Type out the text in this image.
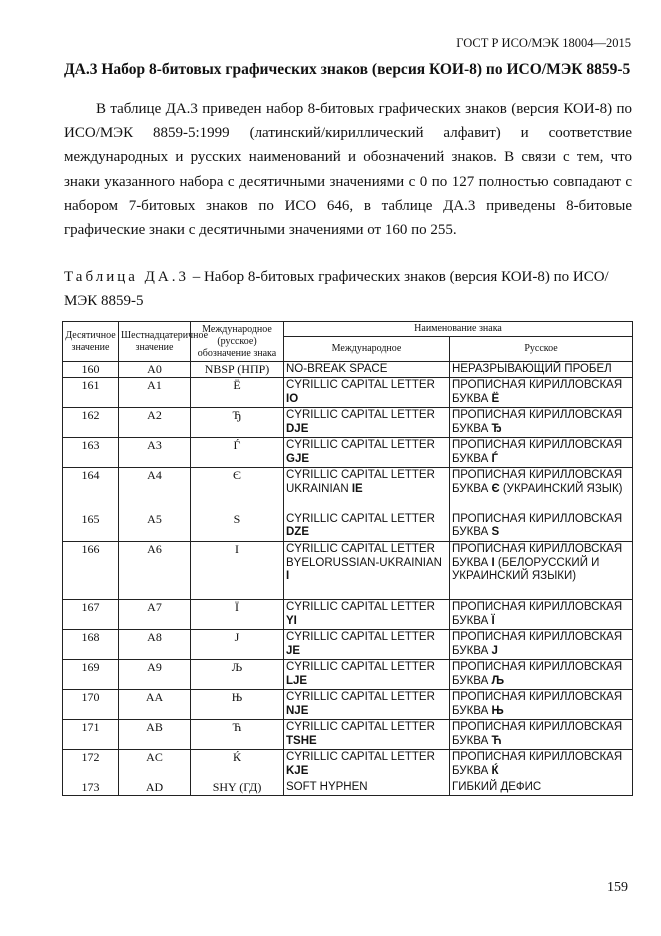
ГОСТ Р ИСО/МЭК 18004—2015
ДА.3 Набор 8-битовых графических знаков (версия КОИ-8) по ИСО/МЭК 8859-5
В таблице ДА.3 приведен набор 8-битовых графических знаков (версия КОИ-8) по ИСО/МЭК 8859-5:1999 (латинский/кириллический алфавит) и соответствие международных и русских наименований и обозначений знаков. В связи с тем, что знаки указанного набора с десятичными значениями с 0 по 127 полностью совпадают с набором 7-битовых знаков по ИСО 646, в таблице ДА.3 приведены 8-битовые графические знаки с десятичными значениями от 160 по 255.
Таблица ДА.3 – Набор 8-битовых графических знаков (версия КОИ-8) по ИСО/МЭК 8859-5
Десятичное значение	Шестнадцатеричное значение	Международное (русское) обозначение знака	Наименование знака	
			Международное	Русское
160	A0	NBSP (НПР)	NO-BREAK SPACE	НЕРАЗРЫВАЮЩИЙ ПРОБЕЛ
161	A1	Ё	CYRILLIC CAPITAL LETTER IO	ПРОПИСНАЯ КИРИЛЛОВСКАЯ БУКВА Ё
162	A2	Ђ	CYRILLIC CAPITAL LETTER DJE	ПРОПИСНАЯ КИРИЛЛОВСКАЯ БУКВА Ђ
163	A3	Ѓ	CYRILLIC CAPITAL LETTER GJE	ПРОПИСНАЯ КИРИЛЛОВСКАЯ БУКВА Ѓ
164	A4	Є	CYRILLIC CAPITAL LETTER UKRAINIAN IE	ПРОПИСНАЯ КИРИЛЛОВСКАЯ БУКВА Є (УКРАИНСКИЙ ЯЗЫК)
165	A5	S	CYRILLIC CAPITAL LETTER DZE	ПРОПИСНАЯ КИРИЛЛОВСКАЯ БУКВА S
166	A6	I	CYRILLIC CAPITAL LETTER BYELORUSSIAN-UKRAINIAN I	ПРОПИСНАЯ КИРИЛЛОВСКАЯ БУКВА I (БЕЛОРУССКИЙ И УКРАИНСКИЙ ЯЗЫКИ)
167	A7	Ї	CYRILLIC CAPITAL LETTER YI	ПРОПИСНАЯ КИРИЛЛОВСКАЯ БУКВА Ї
168	A8	J	CYRILLIC CAPITAL LETTER JE	ПРОПИСНАЯ КИРИЛЛОВСКАЯ БУКВА J
169	A9	Љ	CYRILLIC CAPITAL LETTER LJE	ПРОПИСНАЯ КИРИЛЛОВСКАЯ БУКВА Љ
170	AA	Њ	CYRILLIC CAPITAL LETTER NJE	ПРОПИСНАЯ КИРИЛЛОВСКАЯ БУКВА Њ
171	AB	Ћ	CYRILLIC CAPITAL LETTER TSHE	ПРОПИСНАЯ КИРИЛЛОВСКАЯ БУКВА Ћ
172	AC	Ќ	CYRILLIC CAPITAL LETTER KJE	ПРОПИСНАЯ КИРИЛЛОВСКАЯ БУКВА Ќ
173	AD	SHY (ГД)	SOFT HYPHEN	ГИБКИЙ ДЕФИС
159
